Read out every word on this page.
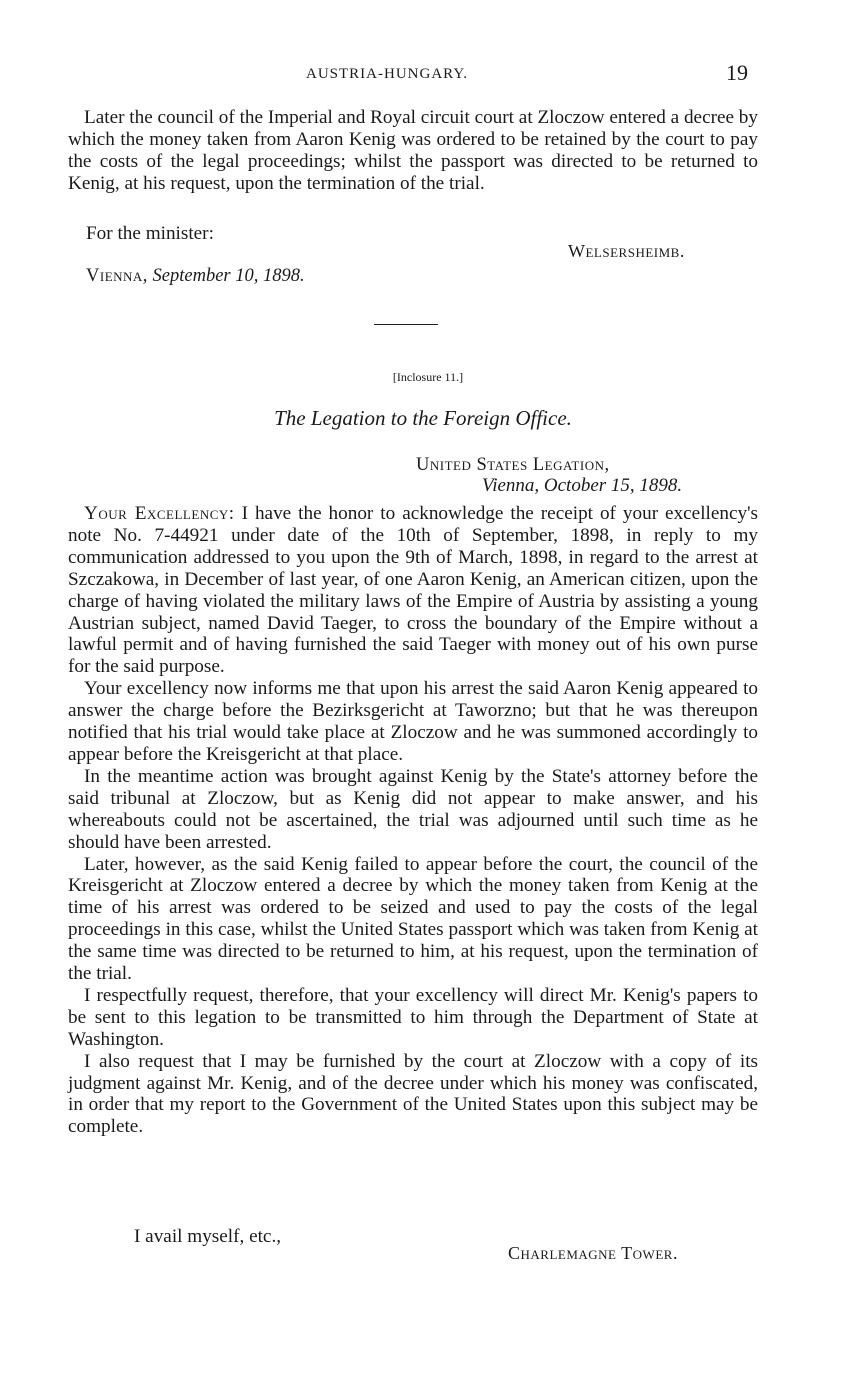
AUSTRIA-HUNGARY.	19

Later the council of the Imperial and Royal circuit court at Zloczow entered a decree by which the money taken from Aaron Kenig was ordered to be retained by the court to pay the costs of the legal proceedings; whilst the passport was directed to be returned to Kenig, at his request, upon the termination of the trial.

For the minister:
Welsersheimb.
Vienna, September 10, 1898.
[Inclosure 11.]
The Legation to the Foreign Office.
United States Legation,
Vienna, October 15, 1898.

Your Excellency: I have the honor to acknowledge the receipt of your excellency's note No. 7-44921 under date of the 10th of September, 1898, in reply to my communication addressed to you upon the 9th of March, 1898, in regard to the arrest at Szczakowa, in December of last year, of one Aaron Kenig, an American citizen, upon the charge of having violated the military laws of the Empire of Austria by assisting a young Austrian subject, named David Taeger, to cross the boundary of the Empire without a lawful permit and of having furnished the said Taeger with money out of his own purse for the said purpose.

Your excellency now informs me that upon his arrest the said Aaron Kenig appeared to answer the charge before the Bezirksgericht at Taworzno; but that he was thereupon notified that his trial would take place at Zloczow and he was summoned accordingly to appear before the Kreisgericht at that place.

In the meantime action was brought against Kenig by the State's attorney before the said tribunal at Zloczow, but as Kenig did not appear to make answer, and his whereabouts could not be ascertained, the trial was adjourned until such time as he should have been arrested.

Later, however, as the said Kenig failed to appear before the court, the council of the Kreisgericht at Zloczow entered a decree by which the money taken from Kenig at the time of his arrest was ordered to be seized and used to pay the costs of the legal proceedings in this case, whilst the United States passport which was taken from Kenig at the same time was directed to be returned to him, at his request, upon the termination of the trial.

I respectfully request, therefore, that your excellency will direct Mr. Kenig's papers to be sent to this legation to be transmitted to him through the Department of State at Washington.

I also request that I may be furnished by the court at Zloczow with a copy of its judgment against Mr. Kenig, and of the decree under which his money was confiscated, in order that my report to the Government of the United States upon this subject may be complete.

I avail myself, etc.,
Charlemagne Tower.
